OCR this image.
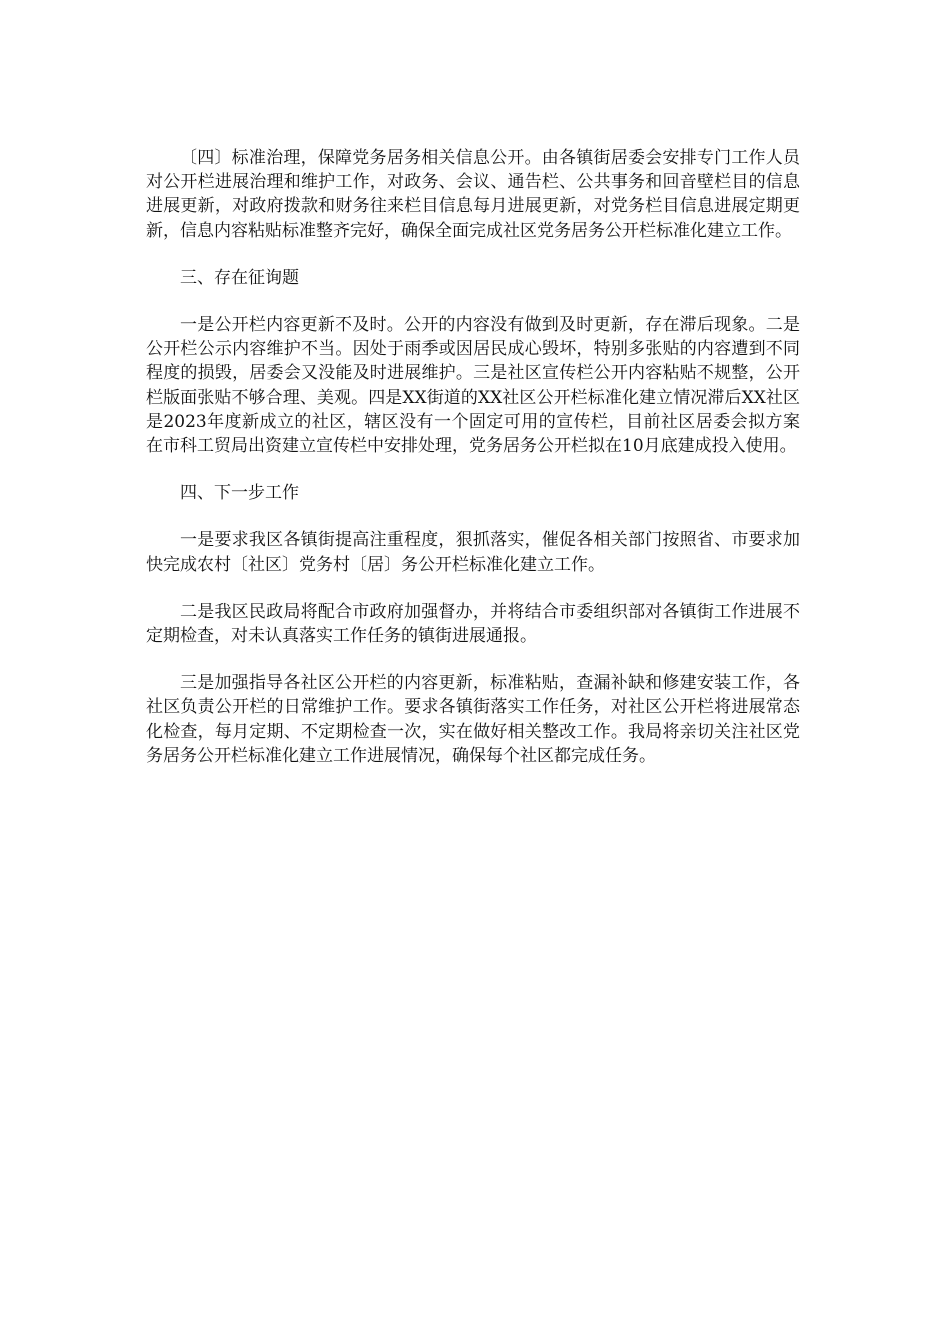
〔四〕标准治理，保障党务居务相关信息公开。由各镇街居委会安排专门工作人员对公开栏进展治理和维护工作，对政务、会议、通告栏、公共事务和回音壁栏目的信息进展更新，对政府拨款和财务往来栏目信息每月进展更新，对党务栏目信息进展定期更新，信息内容粘贴标准整齐完好，确保全面完成社区党务居务公开栏标准化建立工作。

三、存在征询题

一是公开栏内容更新不及时。公开的内容没有做到及时更新，存在滞后现象。二是公开栏公示内容维护不当。因处于雨季或因居民成心毁坏，特别多张贴的内容遭到不同程度的损毁，居委会又没能及时进展维护。三是社区宣传栏公开内容粘贴不规整，公开栏版面张贴不够合理、美观。四是XX街道的XX社区公开栏标准化建立情况滞后XX社区是2023年度新成立的社区，辖区没有一个固定可用的宣传栏，目前社区居委会拟方案在市科工贸局出资建立宣传栏中安排处理，党务居务公开栏拟在10月底建成投入使用。

四、下一步工作

一是要求我区各镇街提高注重程度，狠抓落实，催促各相关部门按照省、市要求加快完成农村〔社区〕党务村〔居〕务公开栏标准化建立工作。

二是我区民政局将配合市政府加强督办，并将结合市委组织部对各镇街工作进展不定期检查，对未认真落实工作任务的镇街进展通报。

三是加强指导各社区公开栏的内容更新，标准粘贴，查漏补缺和修建安装工作，各社区负责公开栏的日常维护工作。要求各镇街落实工作任务，对社区公开栏将进展常态化检查，每月定期、不定期检查一次，实在做好相关整改工作。我局将亲切关注社区党务居务公开栏标准化建立工作进展情况，确保每个社区都完成任务。
